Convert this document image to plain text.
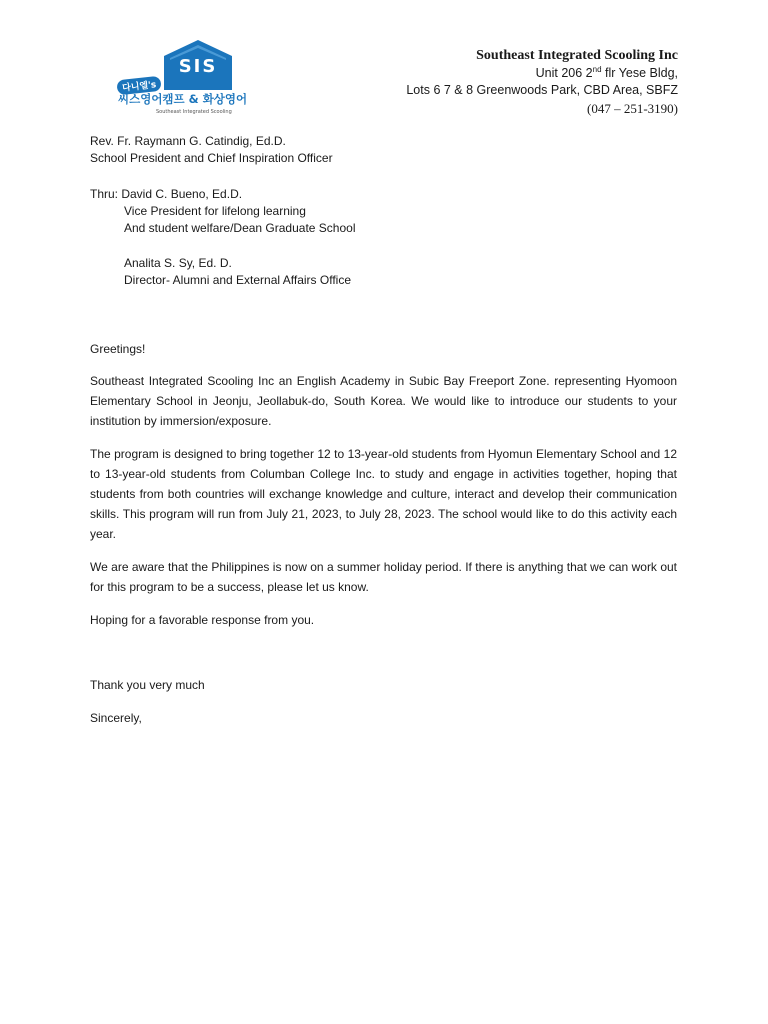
SIS
다니엘's
씨스영어캠프 & 화상영어
Southeast Integrated Scooling
Southeast Integrated Scooling Inc
Unit 206 2nd flr Yese Bldg,
Lots 6 7 & 8 Greenwoods Park, CBD Area, SBFZ
(047 – 251-3190)
Rev. Fr. Raymann G. Catindig, Ed.D.
School President and Chief Inspiration Officer
Thru: David C. Bueno, Ed.D.
Vice President for lifelong learning
And student welfare/Dean Graduate School
Analita S. Sy, Ed. D.
Director- Alumni and External Affairs Office
Greetings!
Southeast Integrated Scooling Inc an English Academy in Subic Bay Freeport Zone. representing Hyomoon Elementary School in Jeonju, Jeollabuk-do, South Korea. We would like to introduce our students to your institution by immersion/exposure.
The program is designed to bring together 12 to 13-year-old students from Hyomun Elementary School and 12 to 13-year-old students from Columban College Inc. to study and engage in activities together, hoping that students from both countries will exchange knowledge and culture, interact and develop their communication skills. This program will run from July 21, 2023, to July 28, 2023. The school would like to do this activity each year.
We are aware that the Philippines is now on a summer holiday period. If there is anything that we can work out for this program to be a success, please let us know.
Hoping for a favorable response from you.
Thank you very much
Sincerely,
